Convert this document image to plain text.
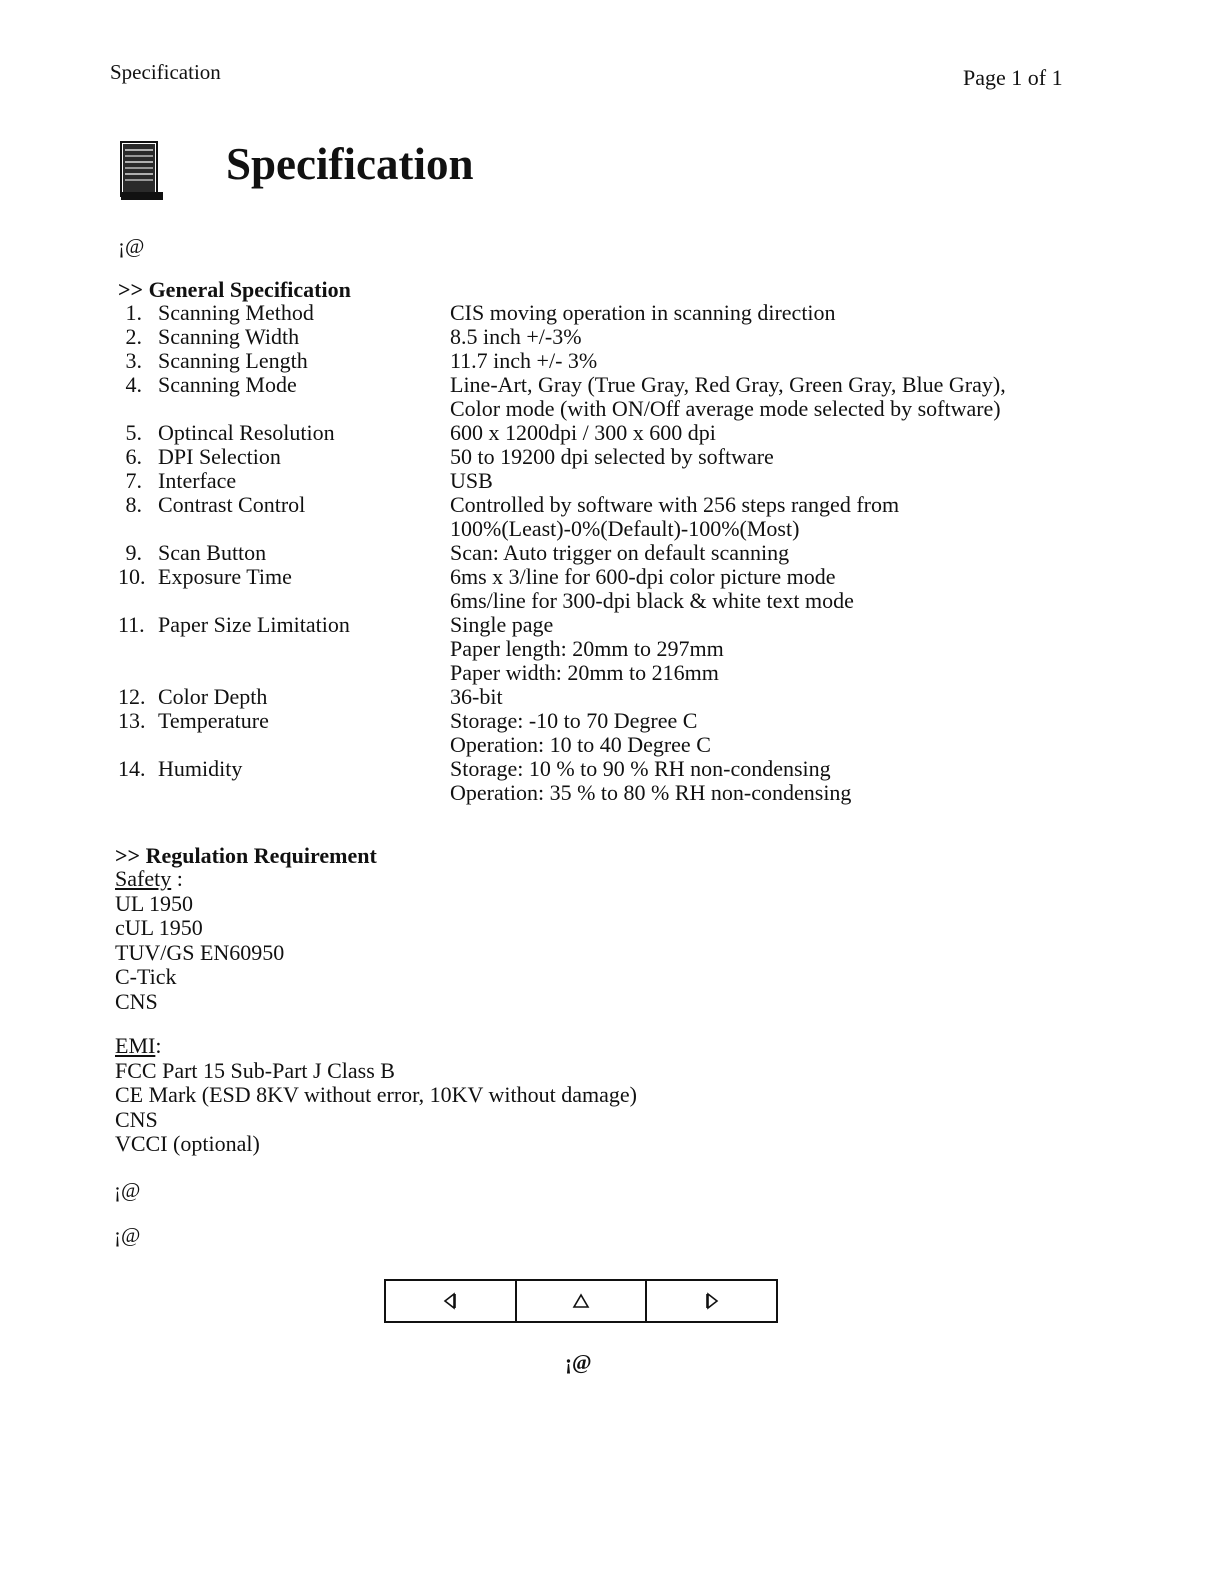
Specification	Page 1 of 1
Specification
¡@
>> General Specification
1. Scanning Method	CIS moving operation in scanning direction
2. Scanning Width	8.5 inch +/-3%
3. Scanning Length	11.7 inch +/- 3%
4. Scanning Mode	Line-Art, Gray (True Gray, Red Gray, Green Gray, Blue Gray),
Color mode (with ON/Off average mode selected by software)
5. Optincal Resolution	600 x 1200dpi / 300 x 600 dpi
6. DPI Selection	50 to 19200 dpi selected by software
7. Interface	USB
8. Contrast Control	Controlled by software with 256 steps ranged from
100%(Least)-0%(Default)-100%(Most)
9. Scan Button	Scan: Auto trigger on default scanning
10. Exposure Time	6ms x 3/line for 600-dpi color picture mode
6ms/line for 300-dpi black & white text mode
11. Paper Size Limitation	Single page
Paper length: 20mm to 297mm
Paper width: 20mm to 216mm
12. Color Depth	36-bit
13. Temperature	Storage: -10 to 70 Degree C
Operation: 10 to 40 Degree C
14. Humidity	Storage: 10 % to 90 % RH non-condensing
Operation: 35 % to 80 % RH non-condensing
>> Regulation Requirement
Safety :
UL 1950
cUL 1950
TUV/GS EN60950
C-Tick
CNS
EMI:
FCC Part 15 Sub-Part J Class B
CE Mark (ESD 8KV without error, 10KV without damage)
CNS
VCCI (optional)
¡@
¡@
¡@
